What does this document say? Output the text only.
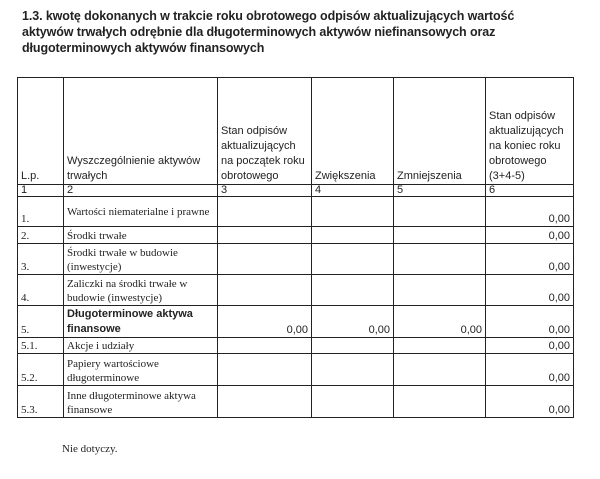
1.3. kwotę dokonanych w trakcie roku obrotowego odpisów aktualizujących wartość aktywów trwałych odrębnie dla długoterminowych aktywów niefinansowych oraz długoterminowych aktywów finansowych
L.p.	Wyszczególnienie aktywów trwałych	Stan odpisów aktualizujących na początek roku obrotowego	Zwiększenia	Zmniejszenia	Stan odpisów aktualizujących na koniec roku obrotowego (3+4-5)
1	2	3	4	5	6
1.	Wartości niematerialne i prawne				0,00
2.	Środki trwałe				0,00
3.	Środki trwałe w budowie (inwestycje)				0,00
4.	Zaliczki na środki trwałe w budowie (inwestycje)				0,00
5.	Długoterminowe aktywa finansowe	0,00	0,00	0,00	0,00
5.1.	Akcje i udziały				0,00
5.2.	Papiery wartościowe długoterminowe				0,00
5.3.	Inne długoterminowe aktywa finansowe				0,00
Nie dotyczy.
